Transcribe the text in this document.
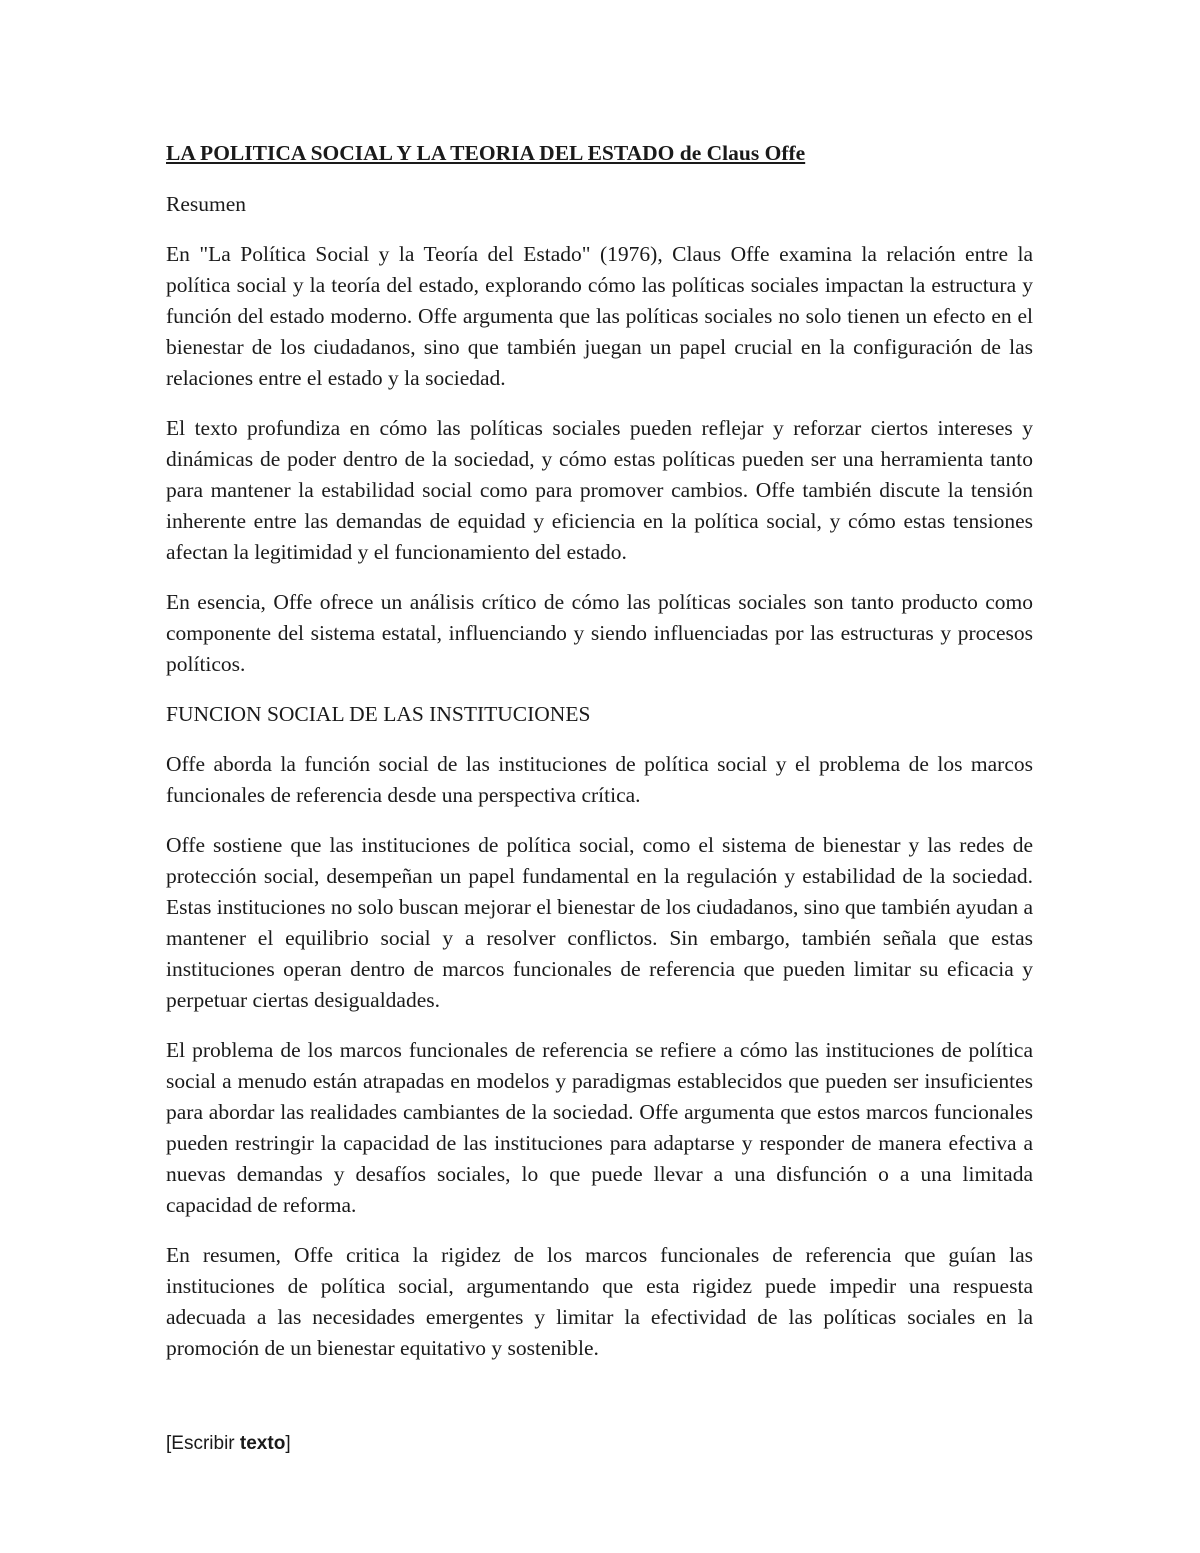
LA POLITICA SOCIAL Y LA TEORIA DEL ESTADO de Claus Offe

Resumen

En "La Política Social y la Teoría del Estado" (1976), Claus Offe examina la relación entre la política social y la teoría del estado, explorando cómo las políticas sociales impactan la estructura y función del estado moderno. Offe argumenta que las políticas sociales no solo tienen un efecto en el bienestar de los ciudadanos, sino que también juegan un papel crucial en la configuración de las relaciones entre el estado y la sociedad.

El texto profundiza en cómo las políticas sociales pueden reflejar y reforzar ciertos intereses y dinámicas de poder dentro de la sociedad, y cómo estas políticas pueden ser una herramienta tanto para mantener la estabilidad social como para promover cambios. Offe también discute la tensión inherente entre las demandas de equidad y eficiencia en la política social, y cómo estas tensiones afectan la legitimidad y el funcionamiento del estado.

En esencia, Offe ofrece un análisis crítico de cómo las políticas sociales son tanto producto como componente del sistema estatal, influenciando y siendo influenciadas por las estructuras y procesos políticos.

FUNCION SOCIAL DE LAS INSTITUCIONES

Offe aborda la función social de las instituciones de política social y el problema de los marcos funcionales de referencia desde una perspectiva crítica.

Offe sostiene que las instituciones de política social, como el sistema de bienestar y las redes de protección social, desempeñan un papel fundamental en la regulación y estabilidad de la sociedad. Estas instituciones no solo buscan mejorar el bienestar de los ciudadanos, sino que también ayudan a mantener el equilibrio social y a resolver conflictos. Sin embargo, también señala que estas instituciones operan dentro de marcos funcionales de referencia que pueden limitar su eficacia y perpetuar ciertas desigualdades.

El problema de los marcos funcionales de referencia se refiere a cómo las instituciones de política social a menudo están atrapadas en modelos y paradigmas establecidos que pueden ser insuficientes para abordar las realidades cambiantes de la sociedad. Offe argumenta que estos marcos funcionales pueden restringir la capacidad de las instituciones para adaptarse y responder de manera efectiva a nuevas demandas y desafíos sociales, lo que puede llevar a una disfunción o a una limitada capacidad de reforma.

En resumen, Offe critica la rigidez de los marcos funcionales de referencia que guían las instituciones de política social, argumentando que esta rigidez puede impedir una respuesta adecuada a las necesidades emergentes y limitar la efectividad de las políticas sociales en la promoción de un bienestar equitativo y sostenible.

[Escribir texto]
